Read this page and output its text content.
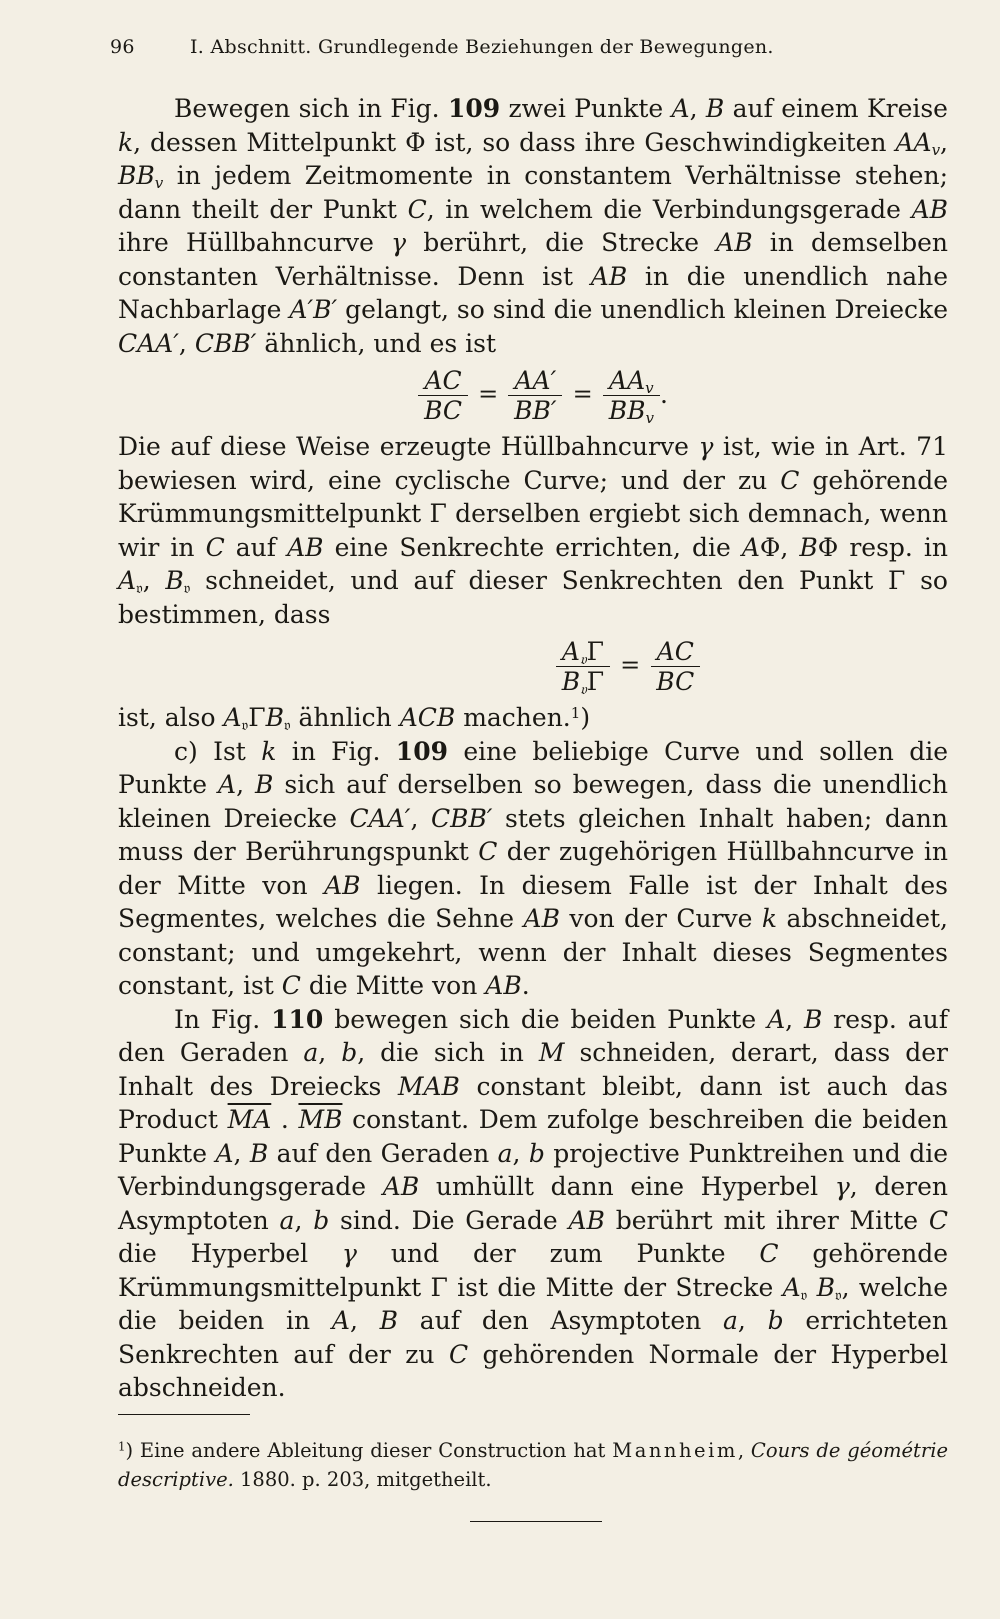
96	I. Abschnitt. Grundlegende Beziehungen der Bewegungen.

Bewegen sich in Fig. 109 zwei Punkte A, B auf einem Kreise k, dessen Mittelpunkt Φ ist, so dass ihre Geschwindigkeiten $AA_v$, $BB_v$ in jedem Zeitmomente in constantem Verhältnisse stehen; dann theilt der Punkt C, in welchem die Verbindungsgerade AB ihre Hüllbahncurve γ berührt, die Strecke AB in demselben constanten Verhältnisse. Denn ist AB in die unendlich nahe Nachbarlage A′B′ gelangt, so sind die unendlich kleinen Dreiecke CAA′, CBB′ ähnlich, und es ist

$\frac{AC}{BC} = \frac{AA'}{BB'} = \frac{AA_v}{BB_v}$ .

Die auf diese Weise erzeugte Hüllbahncurve γ ist, wie in Art. 71 bewiesen wird, eine cyclische Curve; und der zu C gehörende Krümmungsmittelpunkt Γ derselben ergiebt sich demnach, wenn wir in C auf AB eine Senkrechte errichten, die AΦ, BΦ resp. in $A_𝔳$, $B_𝔳$ schneidet, und auf dieser Senkrechten den Punkt Γ so bestimmen, dass

$\frac{A_𝔳\Gamma}{B_𝔳\Gamma} = \frac{AC}{BC}$

ist, also $A_𝔳\Gamma B_𝔳$ ähnlich ACB machen.$^1$)

c) Ist k in Fig. 109 eine beliebige Curve und sollen die Punkte A, B sich auf derselben so bewegen, dass die unendlich kleinen Dreiecke CAA′, CBB′ stets gleichen Inhalt haben; dann muss der Berührungspunkt C der zugehörigen Hüllbahncurve in der Mitte von AB liegen. In diesem Falle ist der Inhalt des Segmentes, welches die Sehne AB von der Curve k abschneidet, constant; und umgekehrt, wenn der Inhalt dieses Segmentes constant, ist C die Mitte von AB.

In Fig. 110 bewegen sich die beiden Punkte A, B resp. auf den Geraden a, b, die sich in M schneiden, derart, dass der Inhalt des Dreiecks MAB constant bleibt, dann ist auch das Product $\overline{MA}$ . $\overline{MB}$ constant. Dem zufolge beschreiben die beiden Punkte A, B auf den Geraden a, b projective Punktreihen und die Verbindungsgerade AB umhüllt dann eine Hyperbel γ, deren Asymptoten a, b sind. Die Gerade AB berührt mit ihrer Mitte C die Hyperbel γ und der zum Punkte C gehörende Krümmungsmittelpunkt Γ ist die Mitte der Strecke $A_𝔳$ $B_𝔳$, welche die beiden in A, B auf den Asymptoten a, b errichteten Senkrechten auf der zu C gehörenden Normale der Hyperbel abschneiden.

$^1$) Eine andere Ableitung dieser Construction hat Mannheim, Cours de géométrie descriptive. 1880. p. 203, mitgetheilt.
